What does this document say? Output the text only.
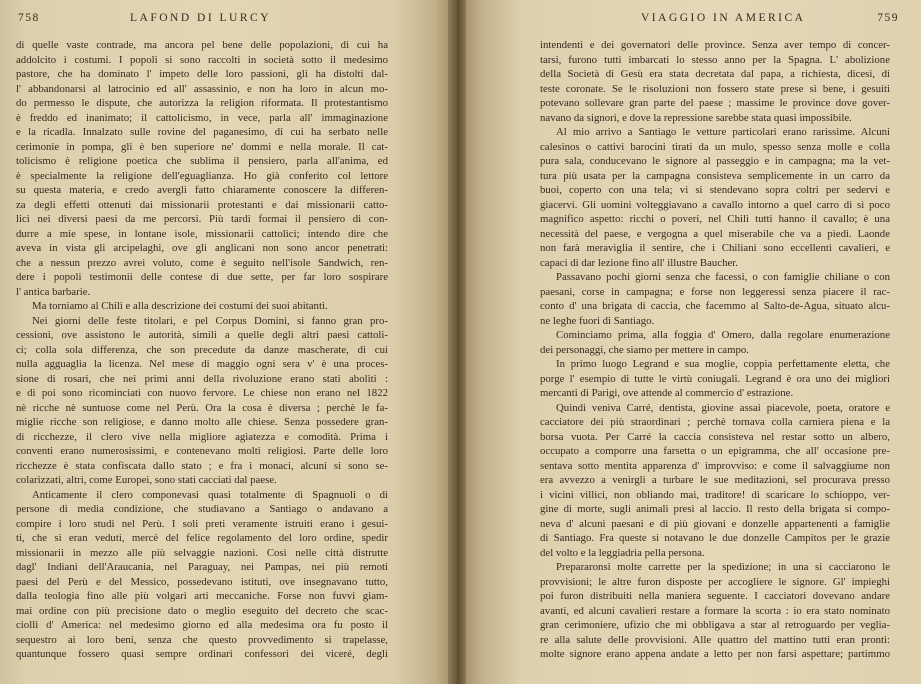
758	LAFOND DI LURCY
di quelle vaste contrade, ma ancora pel bene delle popolazioni, di cui ha
addolcito i costumi. I popoli si sono raccolti in società sotto il medesimo
pastore, che ha dominato l' impeto delle loro passioni, gli ha distolti dal-
l' abbandonarsi al latrocinio ed all' assassinio, e non ha loro in alcun mo-
do permesso le dispute, che autorizza la religion riformata. Il protestantismo
è freddo ed inanimato; il cattolicismo, in vece, parla all' immaginazione
e la ricadla. Innalzato sulle rovine del paganesimo, di cui ha serbato nelle
cerimonie in pompa, gli è ben superiore ne' dommi e nella morale. Il cat-
tolicismo è religione poetica che sublima il pensiero, parla all'anima, ed
è specialmente la religione dell'eguaglianza. Ho già conferito col lettore
su questa materia, e credo avergli fatto chiaramente conoscere la differen-
za degli effetti ottenuti dai missionarii protestanti e dai missionarii catto-
lici nei diversi paesi da me percorsi. Più tardi formai il pensiero di con-
durre a mie spese, in lontane isole, missionarii cattolici; intendo dire che
aveva in vista gli arcipelaghi, ove gli anglicani non sono ancor penetrati:
che a nessun prezzo avrei voluto, come è seguito nell'isole Sandwich, ren-
dere i popoli testimonii delle contese di due sette, per far loro sospirare
l' antica barbarie.
Ma torniamo al Chilì e alla descrizione dei costumi dei suoi abitanti.
Nei giorni delle feste titolari, e pel Corpus Domini, si fanno gran pro-
cessioni, ove assistono le autorità, simili a quelle degli altri paesi cattoli-
ci; colla sola differenza, che son precedute da danze mascherate, di cui
nulla agguaglia la licenza. Nel mese di maggio ogni sera v' è una proces-
sione di rosari, che nei primi anni della rivoluzione erano stati aboliti :
e di poi sono ricominciati con nuovo fervore. Le chiese non erano nel 1822
nè ricche nè suntuose come nel Perù. Ora la cosa è diversa ; perchè le fa-
miglie ricche son religiose, e danno molto alle chiese. Senza possedere gran-
di ricchezze, il clero vive nella migliore agiatezza e comodità. Prima i
conventi erano numerosissimi, e contenevano molti religiosi. Parte delle loro
ricchezze è stata confiscata dallo stato ; e fra i monaci, alcuni si sono se-
colarizzati, altri, come Europei, sono stati cacciati dal paese.
Anticamente il clero componevasi quasi totalmente di Spagnuoli o di
persone di media condizione, che studiavano a Santiago o andavano a
compire i loro studi nel Perù. I soli preti veramente istruiti erano i gesui-
ti, che si eran veduti, mercè del felice regolamento del loro ordine, spedir
missionarii in mezzo alle più selvaggie nazioni. Così nelle città distrutte
dagl' Indiani dell'Araucania, nel Paraguay, nei Pampas, nei più remoti
paesi del Perù e del Messico, possedevano istituti, ove insegnavano tutto,
dalla teologia fino alle più volgari arti meccaniche. Forse non fuvvi giam-
mai ordine con più precisione dato o meglio eseguito del decreto che scac-
ciolli d' America: nel medesimo giorno ed alla medesima ora fu posto il
sequestro ai loro beni, senza che questo provvedimento si trapelasse,
quantunque fossero quasi sempre ordinari confessori dei viceré, degli
VIAGGIO IN AMERICA	759
intendenti e dei governatori delle province. Senza aver tempo di concer-
tarsi, furono tutti imbarcati lo stesso anno per la Spagna. L' abolizione
della Società di Gesù era stata decretata dal papa, a richiesta, dicesi, di
teste coronate. Se le risoluzioni non fossero state prese sì bene, i gesuiti
potevano sollevare gran parte del paese ; massime le province dove gover-
navano da signori, e dove la repressione sarebbe stata quasi impossibile.
Al mio arrivo a Santiago le vetture particolari erano rarissime. Alcuni
calesinos o cattivi barocini tirati da un mulo, spesso senza molle e colla
pura sala, conducevano le signore al passeggio e in campagna; ma la vet-
tura più usata per la campagna consisteva semplicemente in un carro da
buoi, coperto con una tela; vi si stendevano sopra coltri per sedervi e
giacervi. Gli uomini volteggiavano a cavallo intorno a quel carro di sì poco
magnifico aspetto: ricchi o poveri, nel Chilì tutti hanno il cavallo; è una
necessità del paese, e vergogna a quel miserabile che va a piedi. Laonde
non farà meraviglia il sentire, che i Chiliani sono eccellenti cavalieri, e
capaci di dar lezione fino all' illustre Baucher.
Passavano pochi giorni senza che facessi, o con famiglie chiliane o con
paesani, corse in campagna; e forse non leggeressi senza piacere il rac-
conto d' una brigata di caccia, che facemmo al Salto-de-Agua, situato alcu-
ne leghe fuori di Santiago.
Cominciamo prima, alla foggia d' Omero, dalla regolare enumerazione
dei personaggi, che siamo per mettere in campo.
In primo luogo Legrand e sua moglie, coppia perfettamente eletta, che
porge l' esempio di tutte le virtù coniugali. Legrand è ora uno dei migliori
mercanti di Parigi, ove attende al commercio d' estrazione.
Quindi veniva Carré, dentista, giovine assai piacevole, poeta, oratore e
cacciatore dei più straordinari ; perchè tornava colla carniera piena e la
borsa vuota. Per Carré la caccia consisteva nel restar sotto un albero,
occupato a comporre una farsetta o un epigramma, che all' occasione pre-
sentava sotto mentita apparenza d' improvviso: e come il salvaggiume non
era avvezzo a venirgli a turbare le sue meditazioni, sel procurava presso
i vicini villici, non obliando mai, traditore! di scaricare lo schioppo, ver-
gine di morte, sugli animali presi al laccio. Il resto della brigata si compo-
neva d' alcuni paesani e di più giovani e donzelle appartenenti a famiglie
di Santiago. Fra queste si notavano le due donzelle Campitos per le grazie
del volto e la leggiadria pella persona.
Prepararonsi molte carrette per la spedizione; in una si cacciarono le
provvisioni; le altre furon disposte per accogliere le signore. Gl' impieghi
poi furon distribuiti nella maniera seguente. I cacciatori dovevano andare
avanti, ed alcuni cavalieri restare a formare la scorta : io era stato nominato
gran cerimoniere, ufizio che mi obbligava a star al retroguardo per veglia-
re alla salute delle provvisioni. Alle quattro del mattino tutti eran pronti:
molte signore erano appena andate a letto per non farsi aspettare; partimmo
